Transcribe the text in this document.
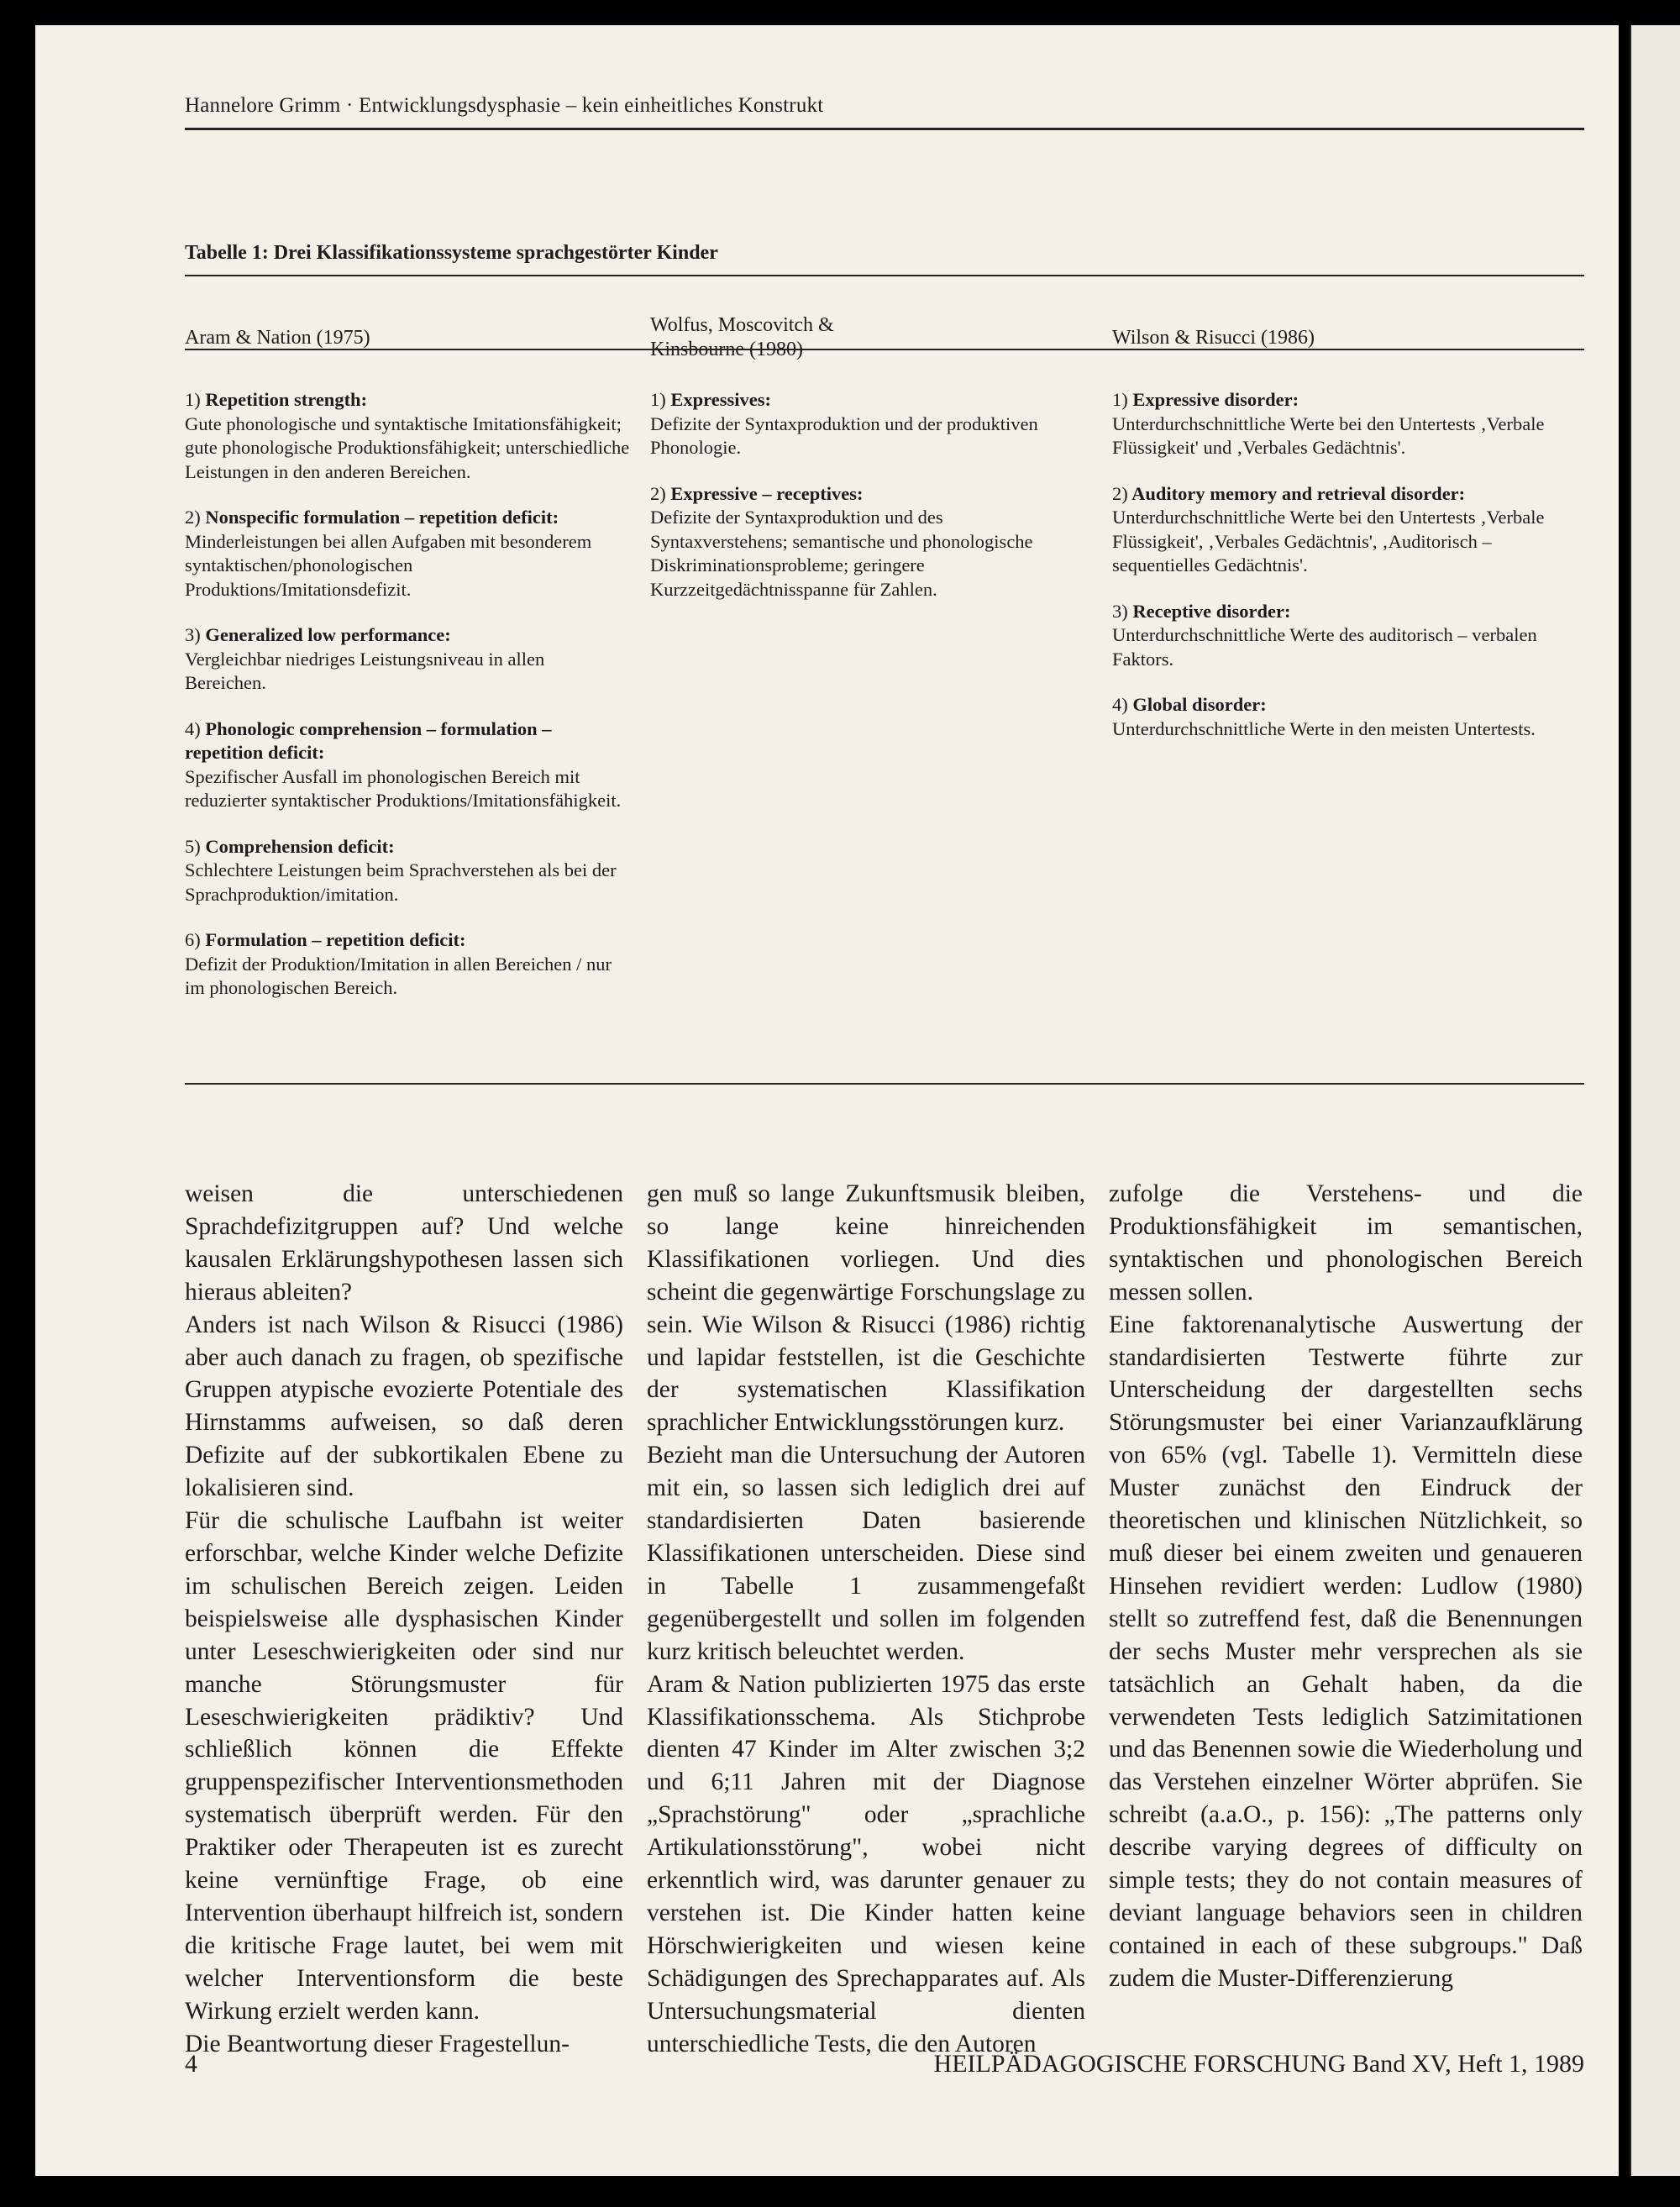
Hannelore Grimm · Entwicklungsdysphasie – kein einheitliches Konstrukt
Tabelle 1: Drei Klassifikationssysteme sprachgestörter Kinder
Aram & Nation (1975)
Wolfus, Moscovitch & Kinsbourne (1980)
Wilson & Risucci (1986)
1) Repetition strength:
Gute phonologische und syntaktische Imitationsfähigkeit; gute phonologische Produktionsfähigkeit; unterschiedliche Leistungen in den anderen Bereichen.
2) Nonspecific formulation – repetition deficit:
Minderleistungen bei allen Aufgaben mit besonderem syntaktischen/phonologischen Produktions/Imitationsdefizit.
3) Generalized low performance:
Vergleichbar niedriges Leistungsniveau in allen Bereichen.
4) Phonologic comprehension – formulation – repetition deficit:
Spezifischer Ausfall im phonologischen Bereich mit reduzierter syntaktischer Produktions/Imitationsfähigkeit.
5) Comprehension deficit:
Schlechtere Leistungen beim Sprachverstehen als bei der Sprachproduktion/imitation.
6) Formulation – repetition deficit:
Defizit der Produktion/Imitation in allen Bereichen / nur im phonologischen Bereich.
1) Expressives:
Defizite der Syntaxproduktion und der produktiven Phonologie.
2) Expressive – receptives:
Defizite der Syntaxproduktion und des Syntaxverstehens; semantische und phonologische Diskriminationsprobleme; geringere Kurzzeitgedächtnisspanne für Zahlen.
1) Expressive disorder:
Unterdurchschnittliche Werte bei den Untertests ‚Verbale Flüssigkeit' und ‚Verbales Gedächtnis'.
2) Auditory memory and retrieval disorder:
Unterdurchschnittliche Werte bei den Untertests ‚Verbale Flüssigkeit', ‚Verbales Gedächtnis', ‚Auditorisch – sequentielles Gedächtnis'.
3) Receptive disorder:
Unterdurchschnittliche Werte des auditorisch – verbalen Faktors.
4) Global disorder:
Unterdurchschnittliche Werte in den meisten Untertests.

weisen die unterschiedenen Sprachdefizitgruppen auf? Und welche kausalen Erklärungshypothesen lassen sich hieraus ableiten?

Anders ist nach Wilson & Risucci (1986) aber auch danach zu fragen, ob spezifische Gruppen atypische evozierte Potentiale des Hirnstamms aufweisen, so daß deren Defizite auf der subkortikalen Ebene zu lokalisieren sind.

Für die schulische Laufbahn ist weiter erforschbar, welche Kinder welche Defizite im schulischen Bereich zeigen. Leiden beispielsweise alle dysphasischen Kinder unter Leseschwierigkeiten oder sind nur manche Störungsmuster für Leseschwierigkeiten prädiktiv? Und schließlich können die Effekte gruppenspezifischer Interventionsmethoden systematisch überprüft werden. Für den Praktiker oder Therapeuten ist es zurecht keine vernünftige Frage, ob eine Intervention überhaupt hilfreich ist, sondern die kritische Frage lautet, bei wem mit welcher Interventionsform die beste Wirkung erzielt werden kann.

Die Beantwortung dieser Fragestellun-

gen muß so lange Zukunftsmusik bleiben, so lange keine hinreichenden Klassifikationen vorliegen. Und dies scheint die gegenwärtige Forschungslage zu sein. Wie Wilson & Risucci (1986) richtig und lapidar feststellen, ist die Geschichte der systematischen Klassifikation sprachlicher Entwicklungsstörungen kurz.

Bezieht man die Untersuchung der Autoren mit ein, so lassen sich lediglich drei auf standardisierten Daten basierende Klassifikationen unterscheiden. Diese sind in Tabelle 1 zusammengefaßt gegenübergestellt und sollen im folgenden kurz kritisch beleuchtet werden.

Aram & Nation publizierten 1975 das erste Klassifikationsschema. Als Stichprobe dienten 47 Kinder im Alter zwischen 3;2 und 6;11 Jahren mit der Diagnose „Sprachstörung" oder „sprachliche Artikulationsstörung", wobei nicht erkenntlich wird, was darunter genauer zu verstehen ist. Die Kinder hatten keine Hörschwierigkeiten und wiesen keine Schädigungen des Sprechapparates auf. Als Untersuchungsmaterial dienten unterschiedliche Tests, die den Autoren

zufolge die Verstehens- und die Produktionsfähigkeit im semantischen, syntaktischen und phonologischen Bereich messen sollen.

Eine faktorenanalytische Auswertung der standardisierten Testwerte führte zur Unterscheidung der dargestellten sechs Störungsmuster bei einer Varianzaufklärung von 65% (vgl. Tabelle 1). Vermitteln diese Muster zunächst den Eindruck der theoretischen und klinischen Nützlichkeit, so muß dieser bei einem zweiten und genaueren Hinsehen revidiert werden: Ludlow (1980) stellt so zutreffend fest, daß die Benennungen der sechs Muster mehr versprechen als sie tatsächlich an Gehalt haben, da die verwendeten Tests lediglich Satzimitationen und das Benennen sowie die Wiederholung und das Verstehen einzelner Wörter abprüfen. Sie schreibt (a.a.O., p. 156): „The patterns only describe varying degrees of difficulty on simple tests; they do not contain measures of deviant language behaviors seen in children contained in each of these subgroups." Daß zudem die Muster-Differenzierung

4	HEILPÄDAGOGISCHE FORSCHUNG Band XV, Heft 1, 1989
